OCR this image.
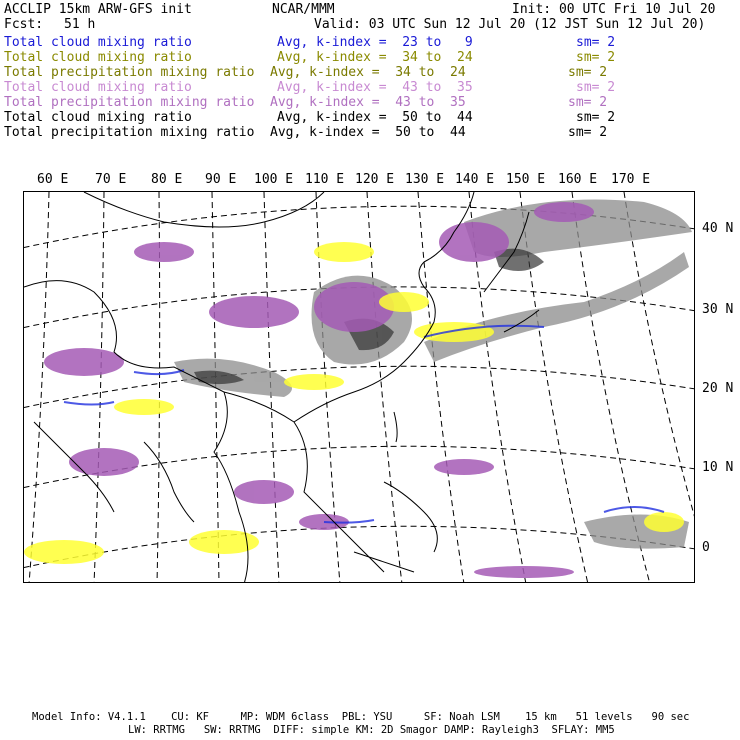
ACCLIP 15km ARW-GFS init	NCAR/MMM	Init: 00 UTC Fri 10 Jul 20
Fcst: 51 h	Valid: 03 UTC Sun 12 Jul 20 (12 JST Sun 12 Jul 20)
Total cloud mixing ratio	Avg, k-index =  23 to   9	sm= 2
Total cloud mixing ratio	Avg, k-index =  34 to  24	sm= 2
Total precipitation mixing ratio Avg, k-index =  34 to  24	sm= 2
Total cloud mixing ratio	Avg, k-index =  43 to  35	sm= 2
Total precipitation mixing ratio Avg, k-index =  43 to  35	sm= 2
Total cloud mixing ratio	Avg, k-index =  50 to  44	sm= 2
Total precipitation mixing ratio Avg, k-index =  50 to  44	sm= 2
60 E 70 E 80 E 90 E 100 E 110 E 120 E 130 E 140 E 150 E 160 E 170 E
40 N
30 N
20 N
10 N
0
Model Info: V4.1.1    CU: KF     MP: WDM 6class  PBL: YSU     SF: Noah LSM    15 km   51 levels   90 sec
LW: RRTMG   SW: RRTMG  DIFF: simple KM: 2D Smagor DAMP: Rayleigh3  SFLAY: MM5
